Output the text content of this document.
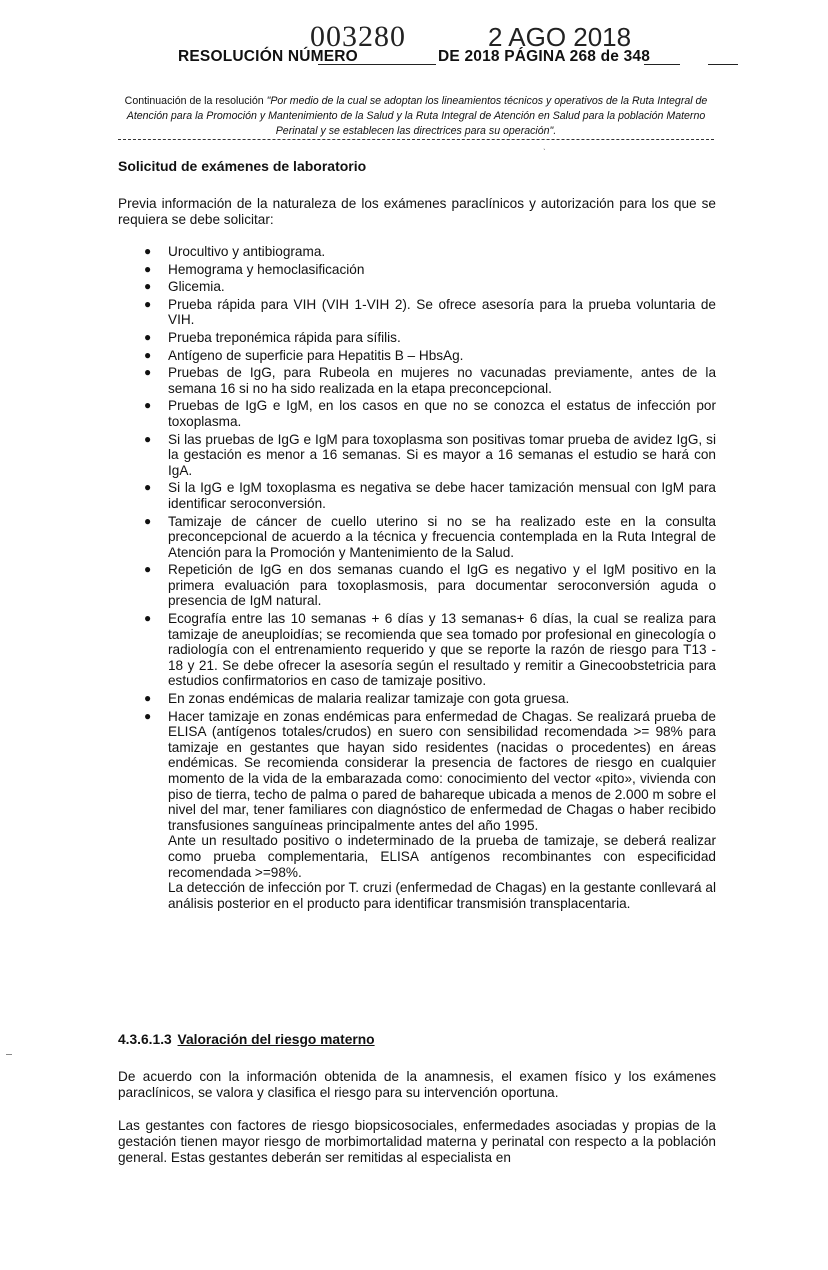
003280	2 AGO 2018
RESOLUCIÓN NÚMERO	DE 2018 PÁGINA 268 de 348
Continuación de la resolución "Por medio de la cual se adoptan los lineamientos técnicos y operativos de la Ruta Integral de Atención para la Promoción y Mantenimiento de la Salud y la Ruta Integral de Atención en Salud para la población Materno Perinatal y se establecen las directrices para su operación".
ˎ
Solicitud de exámenes de laboratorio
Previa información de la naturaleza de los exámenes paraclínicos y autorización para los que se requiera se debe solicitar:
● Urocultivo y antibiograma.
● Hemograma y hemoclasificación
● Glicemia.
● Prueba rápida para VIH (VIH 1-VIH 2). Se ofrece asesoría para la prueba voluntaria de VIH.
● Prueba treponémica rápida para sífilis.
● Antígeno de superficie para Hepatitis B – HbsAg.
● Pruebas de IgG, para Rubeola en mujeres no vacunadas previamente, antes de la semana 16 si no ha sido realizada en la etapa preconcepcional.
● Pruebas de IgG e IgM, en los casos en que no se conozca el estatus de infección por toxoplasma.
● Si las pruebas de IgG e IgM para toxoplasma son positivas tomar prueba de avidez IgG, si la gestación es menor a 16 semanas. Si es mayor a 16 semanas el estudio se hará con IgA.
● Si la IgG e IgM toxoplasma es negativa se debe hacer tamización mensual con IgM para identificar seroconversión.
● Tamizaje de cáncer de cuello uterino si no se ha realizado este en la consulta preconcepcional de acuerdo a la técnica y frecuencia contemplada en la Ruta Integral de Atención para la Promoción y Mantenimiento de la Salud.
● Repetición de IgG en dos semanas cuando el IgG es negativo y el IgM positivo en la primera evaluación para toxoplasmosis, para documentar seroconversión aguda o presencia de IgM natural.
● Ecografía entre las 10 semanas + 6 días y 13 semanas+ 6 días, la cual se realiza para tamizaje de aneuploidías; se recomienda que sea tomado por profesional en ginecología o radiología con el entrenamiento requerido y que se reporte la razón de riesgo para T13 - 18 y 21. Se debe ofrecer la asesoría según el resultado y remitir a Ginecoobstetricia para estudios confirmatorios en caso de tamizaje positivo.
● En zonas endémicas de malaria realizar tamizaje con gota gruesa.
● Hacer tamizaje en zonas endémicas para enfermedad de Chagas. Se realizará prueba de ELISA (antígenos totales/crudos) en suero con sensibilidad recomendada >= 98% para tamizaje en gestantes que hayan sido residentes (nacidas o procedentes) en áreas endémicas. Se recomienda considerar la presencia de factores de riesgo en cualquier momento de la vida de la embarazada como: conocimiento del vector «pito», vivienda con piso de tierra, techo de palma o pared de bahareque ubicada a menos de 2.000 m sobre el nivel del mar, tener familiares con diagnóstico de enfermedad de Chagas o haber recibido transfusiones sanguíneas principalmente antes del año 1995.
Ante un resultado positivo o indeterminado de la prueba de tamizaje, se deberá realizar como prueba complementaria, ELISA antígenos recombinantes con especificidad recomendada >=98%.
La detección de infección por T. cruzi (enfermedad de Chagas) en la gestante conllevará al análisis posterior en el producto para identificar transmisión transplacentaria.
4.3.6.1.3 Valoración del riesgo materno
De acuerdo con la información obtenida de la anamnesis, el examen físico y los exámenes paraclínicos, se valora y clasifica el riesgo para su intervención oportuna.
Las gestantes con factores de riesgo biopsicosociales, enfermedades asociadas y propias de la gestación tienen mayor riesgo de morbimortalidad materna y perinatal con respecto a la población general. Estas gestantes deberán ser remitidas al especialista en
